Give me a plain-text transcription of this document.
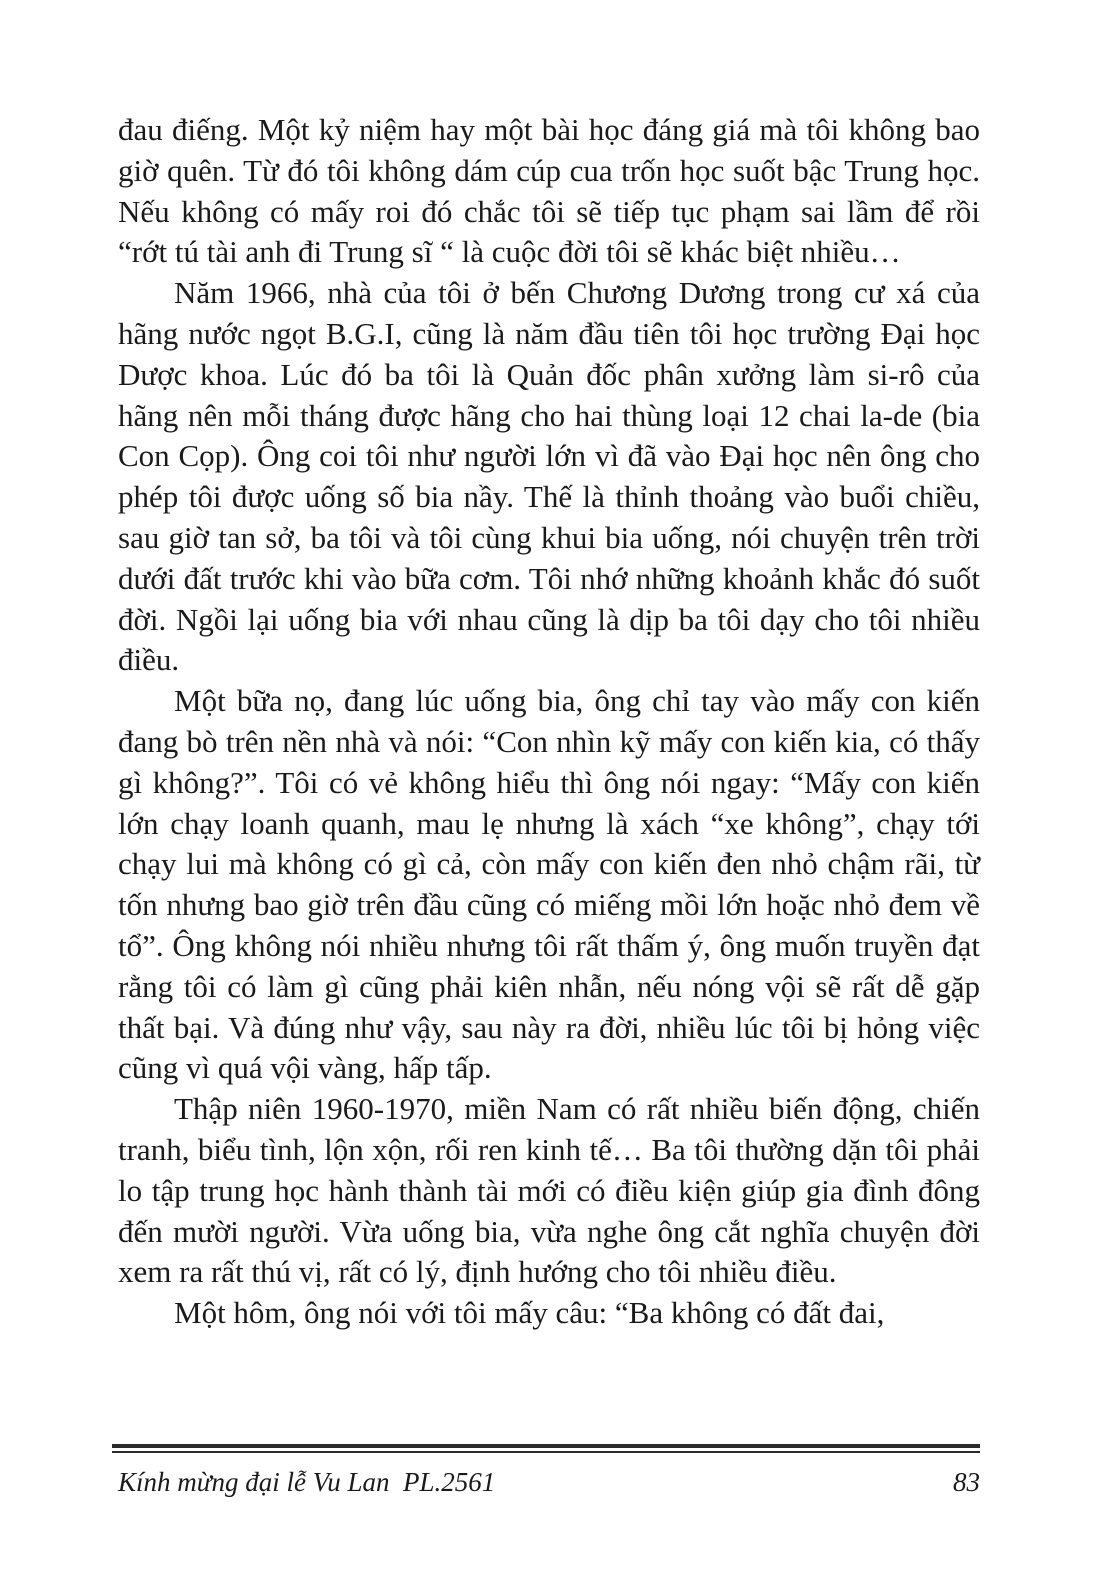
đau điếng. Một kỷ niệm hay một bài học đáng giá mà tôi không bao giờ quên. Từ đó tôi không dám cúp cua trốn học suốt bậc Trung học. Nếu không có mấy roi đó chắc tôi sẽ tiếp tục phạm sai lầm để rồi “rớt tú tài anh đi Trung sĩ “ là cuộc đời tôi sẽ khác biệt nhiều…

Năm 1966, nhà của tôi ở bến Chương Dương trong cư xá của hãng nước ngọt B.G.I, cũng là năm đầu tiên tôi học trường Đại học Dược khoa. Lúc đó ba tôi là Quản đốc phân xưởng làm si-rô của hãng nên mỗi tháng được hãng cho hai thùng loại 12 chai la-de (bia Con Cọp). Ông coi tôi như người lớn vì đã vào Đại học nên ông cho phép tôi được uống số bia nầy. Thế là thỉnh thoảng vào buổi chiều, sau giờ tan sở, ba tôi và tôi cùng khui bia uống, nói chuyện trên trời dưới đất trước khi vào bữa cơm. Tôi nhớ những khoảnh khắc đó suốt đời. Ngồi lại uống bia với nhau cũng là dịp ba tôi dạy cho tôi nhiều điều.

Một bữa nọ, đang lúc uống bia, ông chỉ tay vào mấy con kiến đang bò trên nền nhà và nói: “Con nhìn kỹ mấy con kiến kia, có thấy gì không?”. Tôi có vẻ không hiểu thì ông nói ngay: “Mấy con kiến lớn chạy loanh quanh, mau lẹ nhưng là xách “xe không”, chạy tới chạy lui mà không có gì cả, còn mấy con kiến đen nhỏ chậm rãi, từ tốn nhưng bao giờ trên đầu cũng có miếng mồi lớn hoặc nhỏ đem về tổ”. Ông không nói nhiều nhưng tôi rất thấm ý, ông muốn truyền đạt rằng tôi có làm gì cũng phải kiên nhẫn, nếu nóng vội sẽ rất dễ gặp thất bại. Và đúng như vậy, sau này ra đời, nhiều lúc tôi bị hỏng việc cũng vì quá vội vàng, hấp tấp.

Thập niên 1960-1970, miền Nam có rất nhiều biến động, chiến tranh, biểu tình, lộn xộn, rối ren kinh tế… Ba tôi thường dặn tôi phải lo tập trung học hành thành tài mới có điều kiện giúp gia đình đông đến mười người. Vừa uống bia, vừa nghe ông cắt nghĩa chuyện đời xem ra rất thú vị, rất có lý, định hướng cho tôi nhiều điều.

Một hôm, ông nói với tôi mấy câu: “Ba không có đất đai,

Kính mừng đại lễ Vu Lan  PL.2561	83
